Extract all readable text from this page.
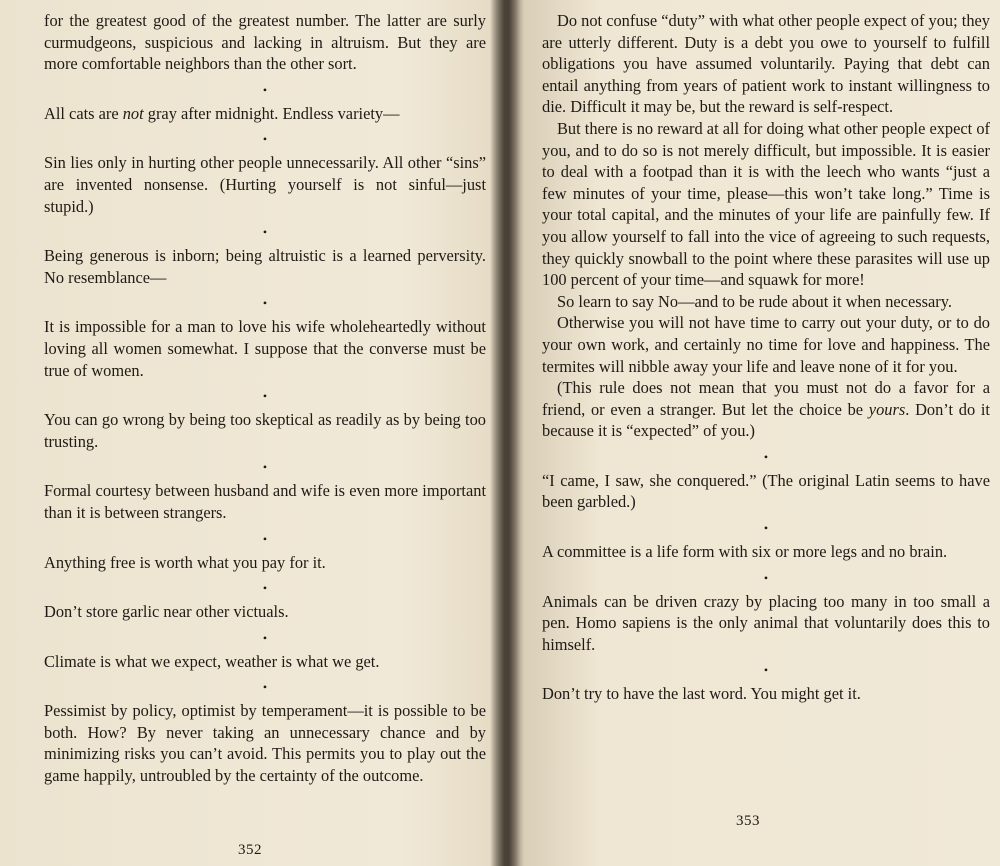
for the greatest good of the greatest number. The latter are surly curmudgeons, suspicious and lacking in altruism. But they are more comfortable neighbors than the other sort.

•

All cats are not gray after midnight. Endless variety—

•

Sin lies only in hurting other people unnecessarily. All other “sins” are invented nonsense. (Hurting yourself is not sinful—just stupid.)

•

Being generous is inborn; being altruistic is a learned perversity. No resemblance—

•

It is impossible for a man to love his wife wholeheartedly without loving all women somewhat. I suppose that the converse must be true of women.

•

You can go wrong by being too skeptical as readily as by being too trusting.

•

Formal courtesy between husband and wife is even more important than it is between strangers.

•

Anything free is worth what you pay for it.

•

Don’t store garlic near other victuals.

•

Climate is what we expect, weather is what we get.

•

Pessimist by policy, optimist by temperament—it is possible to be both. How? By never taking an unnecessary chance and by minimizing risks you can’t avoid. This permits you to play out the game happily, untroubled by the certainty of the outcome.

352

Do not confuse “duty” with what other people expect of you; they are utterly different. Duty is a debt you owe to yourself to fulfill obligations you have assumed voluntarily. Paying that debt can entail anything from years of patient work to instant willingness to die. Difficult it may be, but the reward is self-respect.

But there is no reward at all for doing what other people expect of you, and to do so is not merely difficult, but impossible. It is easier to deal with a footpad than it is with the leech who wants “just a few minutes of your time, please—this won’t take long.” Time is your total capital, and the minutes of your life are painfully few. If you allow yourself to fall into the vice of agreeing to such requests, they quickly snowball to the point where these parasites will use up 100 percent of your time—and squawk for more!

So learn to say No—and to be rude about it when necessary.

Otherwise you will not have time to carry out your duty, or to do your own work, and certainly no time for love and happiness. The termites will nibble away your life and leave none of it for you.

(This rule does not mean that you must not do a favor for a friend, or even a stranger. But let the choice be yours. Don’t do it because it is “expected” of you.)

•

“I came, I saw, she conquered.” (The original Latin seems to have been garbled.)

•

A committee is a life form with six or more legs and no brain.

•

Animals can be driven crazy by placing too many in too small a pen. Homo sapiens is the only animal that voluntarily does this to himself.

•

Don’t try to have the last word. You might get it.

353
